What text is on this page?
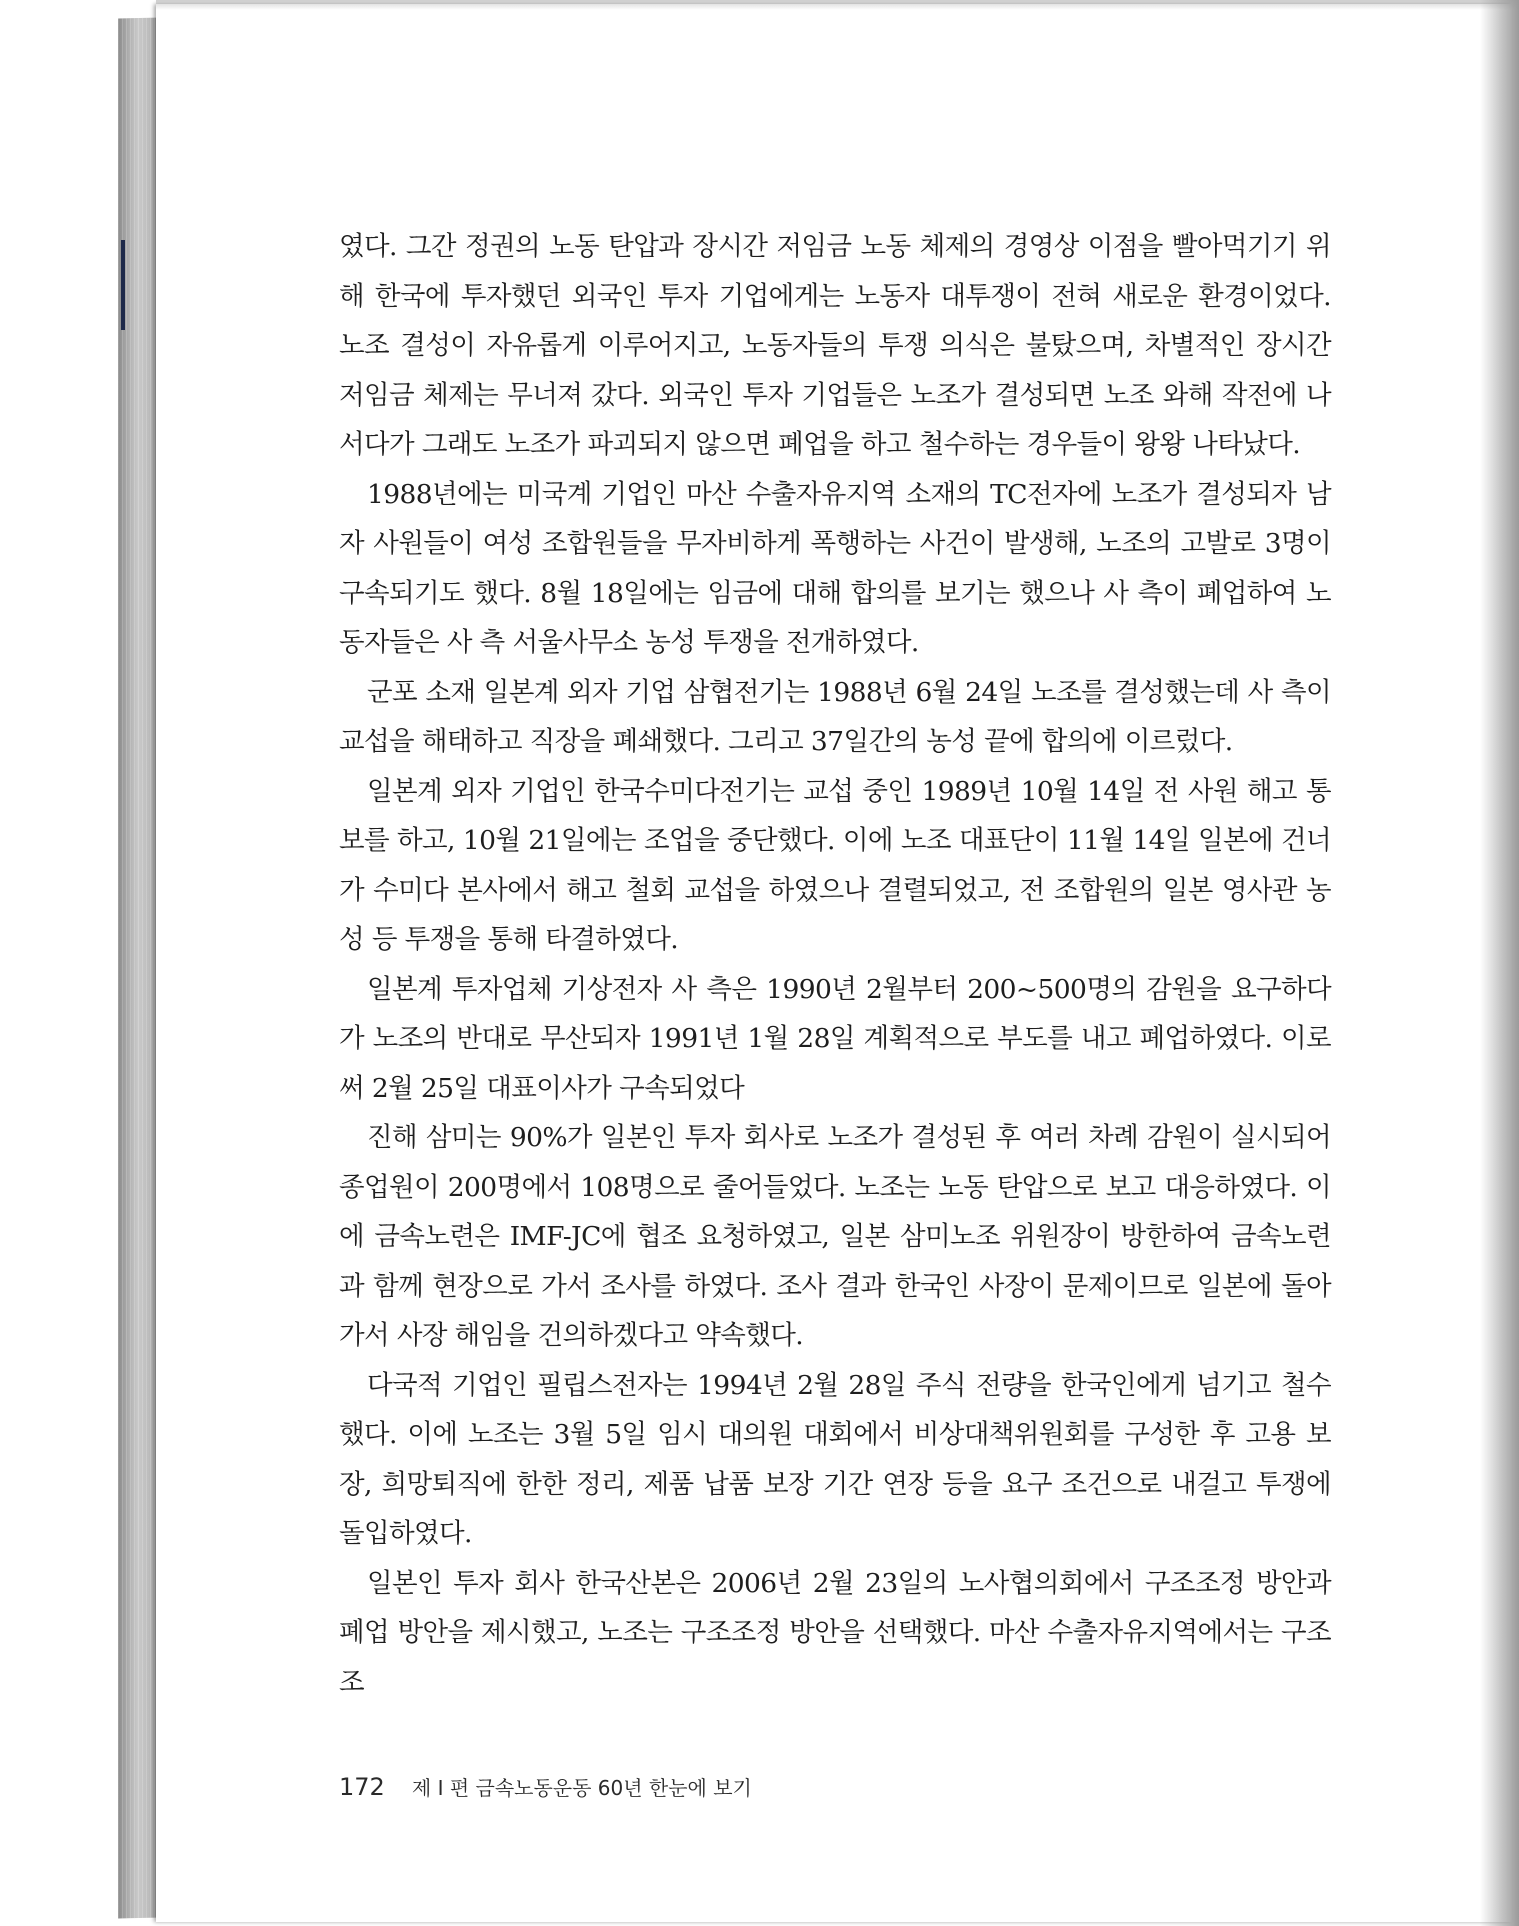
였다. 그간 정권의 노동 탄압과 장시간 저임금 노동 체제의 경영상 이점을 빨아먹기기 위해 한국에 투자했던 외국인 투자 기업에게는 노동자 대투쟁이 전혀 새로운 환경이었다. 노조 결성이 자유롭게 이루어지고, 노동자들의 투쟁 의식은 불탔으며, 차별적인 장시간 저임금 체제는 무너져 갔다. 외국인 투자 기업들은 노조가 결성되면 노조 와해 작전에 나서다가 그래도 노조가 파괴되지 않으면 폐업을 하고 철수하는 경우들이 왕왕 나타났다.

1988년에는 미국계 기업인 마산 수출자유지역 소재의 TC전자에 노조가 결성되자 남자 사원들이 여성 조합원들을 무자비하게 폭행하는 사건이 발생해, 노조의 고발로 3명이 구속되기도 했다. 8월 18일에는 임금에 대해 합의를 보기는 했으나 사 측이 폐업하여 노동자들은 사 측 서울사무소 농성 투쟁을 전개하였다.

군포 소재 일본계 외자 기업 삼협전기는 1988년 6월 24일 노조를 결성했는데 사 측이 교섭을 해태하고 직장을 폐쇄했다. 그리고 37일간의 농성 끝에 합의에 이르렀다.

일본계 외자 기업인 한국수미다전기는 교섭 중인 1989년 10월 14일 전 사원 해고 통보를 하고, 10월 21일에는 조업을 중단했다. 이에 노조 대표단이 11월 14일 일본에 건너가 수미다 본사에서 해고 철회 교섭을 하였으나 결렬되었고, 전 조합원의 일본 영사관 농성 등 투쟁을 통해 타결하였다.

일본계 투자업체 기상전자 사 측은 1990년 2월부터 200~500명의 감원을 요구하다가 노조의 반대로 무산되자 1991년 1월 28일 계획적으로 부도를 내고 폐업하였다. 이로써 2월 25일 대표이사가 구속되었다

진해 삼미는 90%가 일본인 투자 회사로 노조가 결성된 후 여러 차례 감원이 실시되어 종업원이 200명에서 108명으로 줄어들었다. 노조는 노동 탄압으로 보고 대응하였다. 이에 금속노련은 IMF-JC에 협조 요청하였고, 일본 삼미노조 위원장이 방한하여 금속노련과 함께 현장으로 가서 조사를 하였다. 조사 결과 한국인 사장이 문제이므로 일본에 돌아가서 사장 해임을 건의하겠다고 약속했다.

다국적 기업인 필립스전자는 1994년 2월 28일 주식 전량을 한국인에게 넘기고 철수했다. 이에 노조는 3월 5일 임시 대의원 대회에서 비상대책위원회를 구성한 후 고용 보장, 희망퇴직에 한한 정리, 제품 납품 보장 기간 연장 등을 요구 조건으로 내걸고 투쟁에 돌입하였다.

일본인 투자 회사 한국산본은 2006년 2월 23일의 노사협의회에서 구조조정 방안과 폐업 방안을 제시했고, 노조는 구조조정 방안을 선택했다. 마산 수출자유지역에서는 구조조

172 제 I 편 금속노동운동 60년 한눈에 보기
